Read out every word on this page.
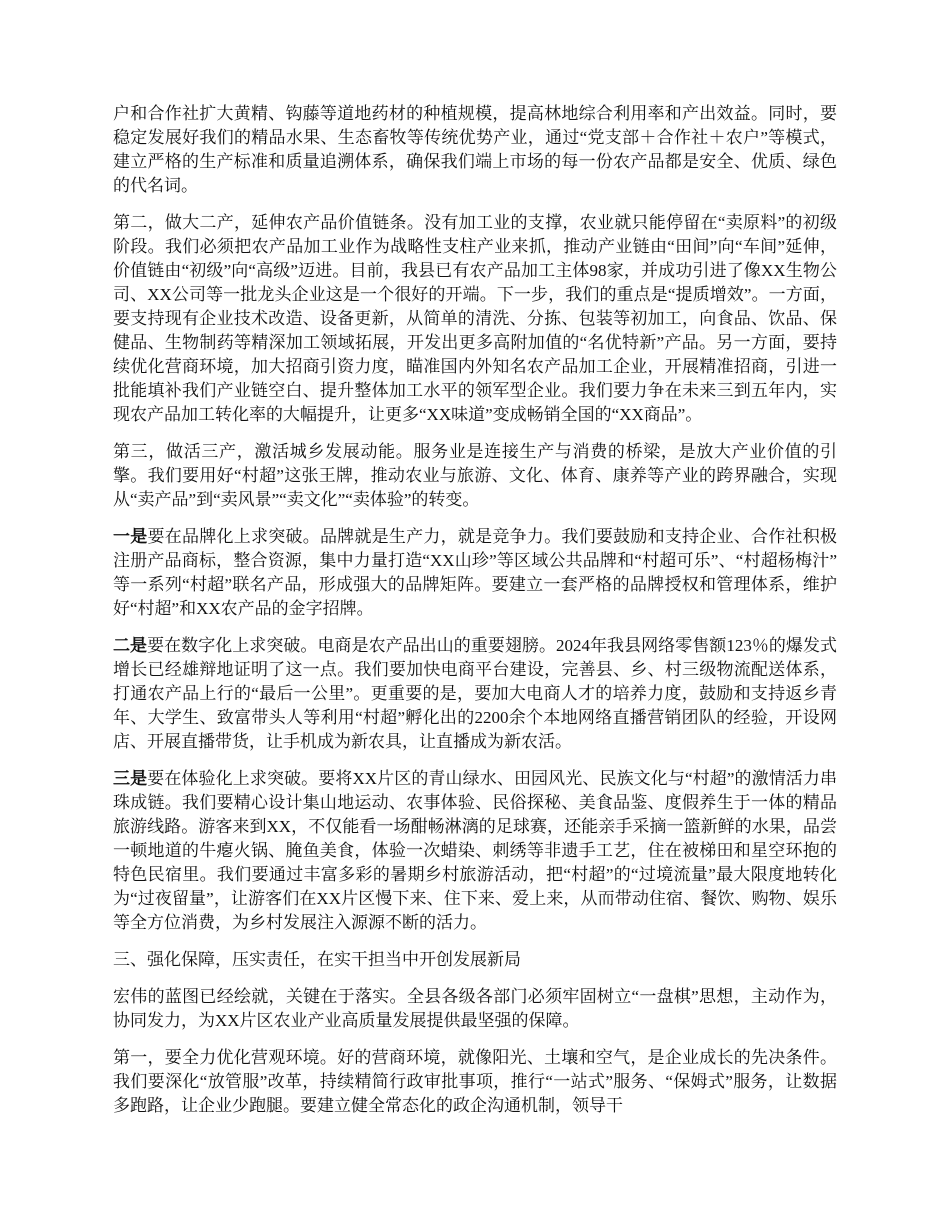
户和合作社扩大黄精、钩藤等道地药材的种植规模，提高林地综合利用率和产出效益。同时，要稳定发展好我们的精品水果、生态畜牧等传统优势产业，通过“党支部＋合作社＋农户”等模式，建立严格的生产标准和质量追溯体系，确保我们端上市场的每一份农产品都是安全、优质、绿色的代名词。

第二，做大二产，延伸农产品价值链条。没有加工业的支撑，农业就只能停留在“卖原料”的初级阶段。我们必须把农产品加工业作为战略性支柱产业来抓，推动产业链由“田间”向“车间”延伸，价值链由“初级”向“高级”迈进。目前，我县已有农产品加工主体98家，并成功引进了像XX生物公司、XX公司等一批龙头企业这是一个很好的开端。下一步，我们的重点是“提质增效”。一方面，要支持现有企业技术改造、设备更新，从简单的清洗、分拣、包装等初加工，向食品、饮品、保健品、生物制药等精深加工领域拓展，开发出更多高附加值的“名优特新”产品。另一方面，要持续优化营商环境，加大招商引资力度，瞄准国内外知名农产品加工企业，开展精准招商，引进一批能填补我们产业链空白、提升整体加工水平的领军型企业。我们要力争在未来三到五年内，实现农产品加工转化率的大幅提升，让更多“XX味道”变成畅销全国的“XX商品”。

第三，做活三产，激活城乡发展动能。服务业是连接生产与消费的桥梁，是放大产业价值的引擎。我们要用好“村超”这张王牌，推动农业与旅游、文化、体育、康养等产业的跨界融合，实现从“卖产品”到“卖风景”“卖文化”“卖体验”的转变。

一是要在品牌化上求突破。品牌就是生产力，就是竞争力。我们要鼓励和支持企业、合作社积极注册产品商标，整合资源，集中力量打造“XX山珍”等区域公共品牌和“村超可乐”、“村超杨梅汁”等一系列“村超”联名产品，形成强大的品牌矩阵。要建立一套严格的品牌授权和管理体系，维护好“村超”和XX农产品的金字招牌。

二是要在数字化上求突破。电商是农产品出山的重要翅膀。2024年我县网络零售额123％的爆发式增长已经雄辩地证明了这一点。我们要加快电商平台建设，完善县、乡、村三级物流配送体系，打通农产品上行的“最后一公里”。更重要的是，要加大电商人才的培养力度，鼓励和支持返乡青年、大学生、致富带头人等利用“村超”孵化出的2200余个本地网络直播营销团队的经验，开设网店、开展直播带货，让手机成为新农具，让直播成为新农活。

三是要在体验化上求突破。要将XX片区的青山绿水、田园风光、民族文化与“村超”的激情活力串珠成链。我们要精心设计集山地运动、农事体验、民俗探秘、美食品鉴、度假养生于一体的精品旅游线路。游客来到XX，不仅能看一场酣畅淋漓的足球赛，还能亲手采摘一篮新鲜的水果，品尝一顿地道的牛瘪火锅、腌鱼美食，体验一次蜡染、刺绣等非遗手工艺，住在被梯田和星空环抱的特色民宿里。我们要通过丰富多彩的暑期乡村旅游活动，把“村超”的“过境流量”最大限度地转化为“过夜留量”，让游客们在XX片区慢下来、住下来、爱上来，从而带动住宿、餐饮、购物、娱乐等全方位消费，为乡村发展注入源源不断的活力。

三、强化保障，压实责任，在实干担当中开创发展新局

宏伟的蓝图已经绘就，关键在于落实。全县各级各部门必须牢固树立“一盘棋”思想，主动作为，协同发力，为XX片区农业产业高质量发展提供最坚强的保障。

第一，要全力优化营观环境。好的营商环境，就像阳光、土壤和空气，是企业成长的先决条件。我们要深化“放管服”改革，持续精简行政审批事项，推行“一站式”服务、“保姆式”服务，让数据多跑路，让企业少跑腿。要建立健全常态化的政企沟通机制，领导干
